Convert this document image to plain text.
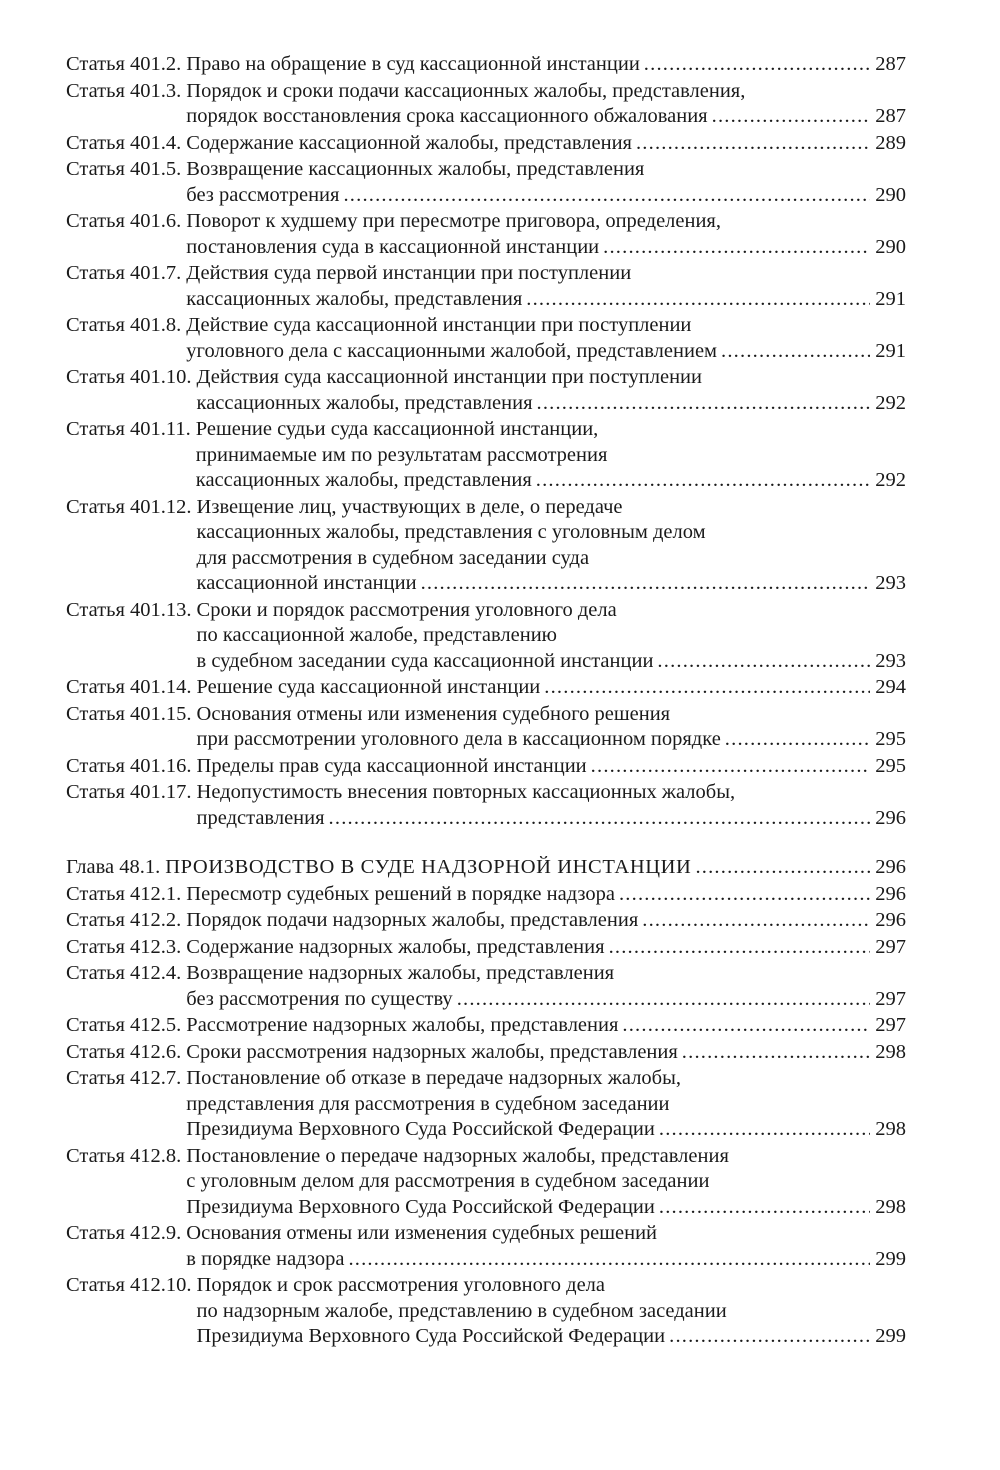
Статья 401.2. Право на обращение в суд кассационной инстанции .....	287
Статья 401.3. Порядок и сроки подачи кассационных жалобы, представления,
порядок восстановления срока кассационного обжалования .....	287
Статья 401.4. Содержание кассационной жалобы, представления .....	289
Статья 401.5. Возвращение кассационных жалобы, представления
без рассмотрения .....	290
Статья 401.6. Поворот к худшему при пересмотре приговора, определения,
постановления суда в кассационной инстанции .....	290
Статья 401.7. Действия суда первой инстанции при поступлении
кассационных жалобы, представления .....	291
Статья 401.8. Действие суда кассационной инстанции при поступлении
уголовного дела с кассационными жалобой, представлением .....	291
Статья 401.10. Действия суда кассационной инстанции при поступлении
кассационных жалобы, представления .....	292
Статья 401.11. Решение судьи суда кассационной инстанции,
принимаемые им по результатам рассмотрения
кассационных жалобы, представления .....	292
Статья 401.12. Извещение лиц, участвующих в деле, о передаче
кассационных жалобы, представления с уголовным делом
для рассмотрения в судебном заседании суда
кассационной инстанции .....	293
Статья 401.13. Сроки и порядок рассмотрения уголовного дела
по кассационной жалобе, представлению
в судебном заседании суда кассационной инстанции .....	293
Статья 401.14. Решение суда кассационной инстанции .....	294
Статья 401.15. Основания отмены или изменения судебного решения
при рассмотрении уголовного дела в кассационном порядке .....	295
Статья 401.16. Пределы прав суда кассационной инстанции .....	295
Статья 401.17. Недопустимость внесения повторных кассационных жалобы,
представления .....	296
Глава 48.1. ПРОИЗВОДСТВО В СУДЕ НАДЗОРНОЙ ИНСТАНЦИИ .....	296
Статья 412.1. Пересмотр судебных решений в порядке надзора .....	296
Статья 412.2. Порядок подачи надзорных жалобы, представления .....	296
Статья 412.3. Содержание надзорных жалобы, представления .....	297
Статья 412.4. Возвращение надзорных жалобы, представления
без рассмотрения по существу .....	297
Статья 412.5. Рассмотрение надзорных жалобы, представления .....	297
Статья 412.6. Сроки рассмотрения надзорных жалобы, представления .....	298
Статья 412.7. Постановление об отказе в передаче надзорных жалобы,
представления для рассмотрения в судебном заседании
Президиума Верховного Суда Российской Федерации .....	298
Статья 412.8. Постановление о передаче надзорных жалобы, представления
с уголовным делом для рассмотрения в судебном заседании
Президиума Верховного Суда Российской Федерации .....	298
Статья 412.9. Основания отмены или изменения судебных решений
в порядке надзора .....	299
Статья 412.10. Порядок и срок рассмотрения уголовного дела
по надзорным жалобе, представлению в судебном заседании
Президиума Верховного Суда Российской Федерации .....	299
